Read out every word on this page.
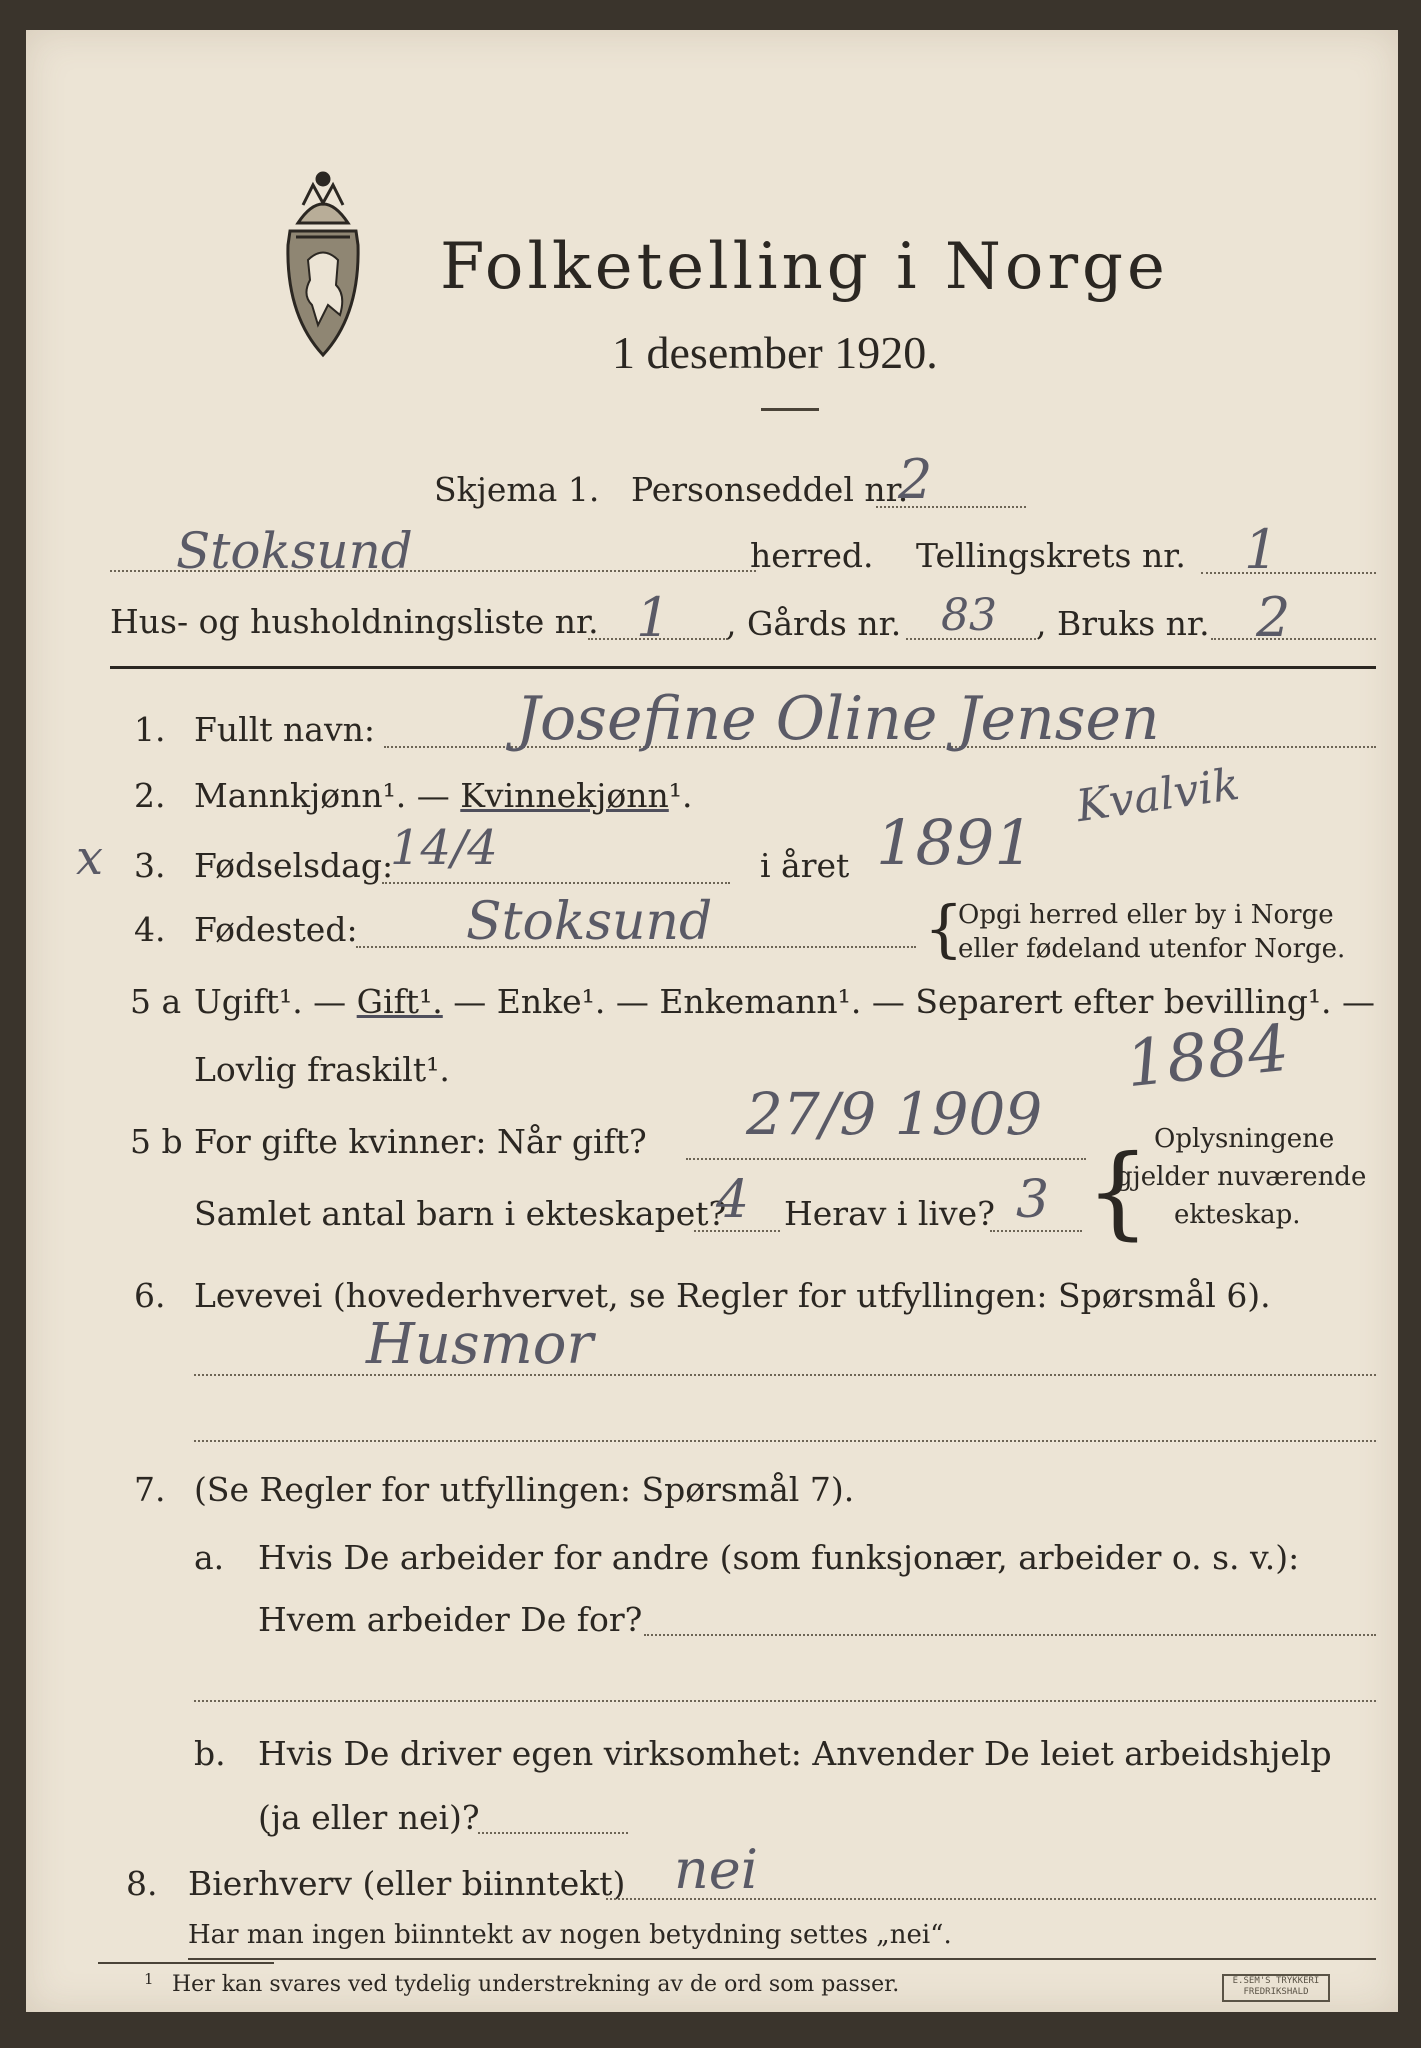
Folketelling i Norge
1 desember 1920.
Skjema 1. Personseddel nr.
2
Stoksund	herred. Tellingskrets nr. 1
Hus- og husholdningsliste nr. 1 , Gårds nr. 83 , Bruks nr. 2
1. Fullt navn: Josefine Oline Jensen
2. Mannkjønn¹. — Kvinnekjønn¹.	Kvalvik
x 3. Fødselsdag:
14/4	i året 1891
4. Fødested: Stoksund	{
Opgi herred eller by i Norge
eller fødeland utenfor Norge.
5 a Ugift¹. — Gift¹. — Enke¹. — Enkemann¹. — Separert efter bevilling¹. —
Lovlig fraskilt¹.	1884
5 b For gifte kvinner: Når gift? 27/9 1909
Samlet antal barn i ekteskapet?
4 Herav i live? 3 { Oplysningene
gjelder nuværende
ekteskap.
6. Levevei (hovederhvervet, se Regler for utfyllingen: Spørsmål 6).
Husmor
7. (Se Regler for utfyllingen: Spørsmål 7).
a. Hvis De arbeider for andre (som funksjonær, arbeider o. s. v.):
Hvem arbeider De for?
b. Hvis De driver egen virksomhet: Anvender De leiet arbeidshjelp
(ja eller nei)?
8. Bierhverv (eller biinntekt) nei
Har man ingen biinntekt av nogen betydning settes „nei“.
1 Her kan svares ved tydelig understrekning av de ord som passer.	E.SEM'S TRYKKERI
FREDRIKSHALD
